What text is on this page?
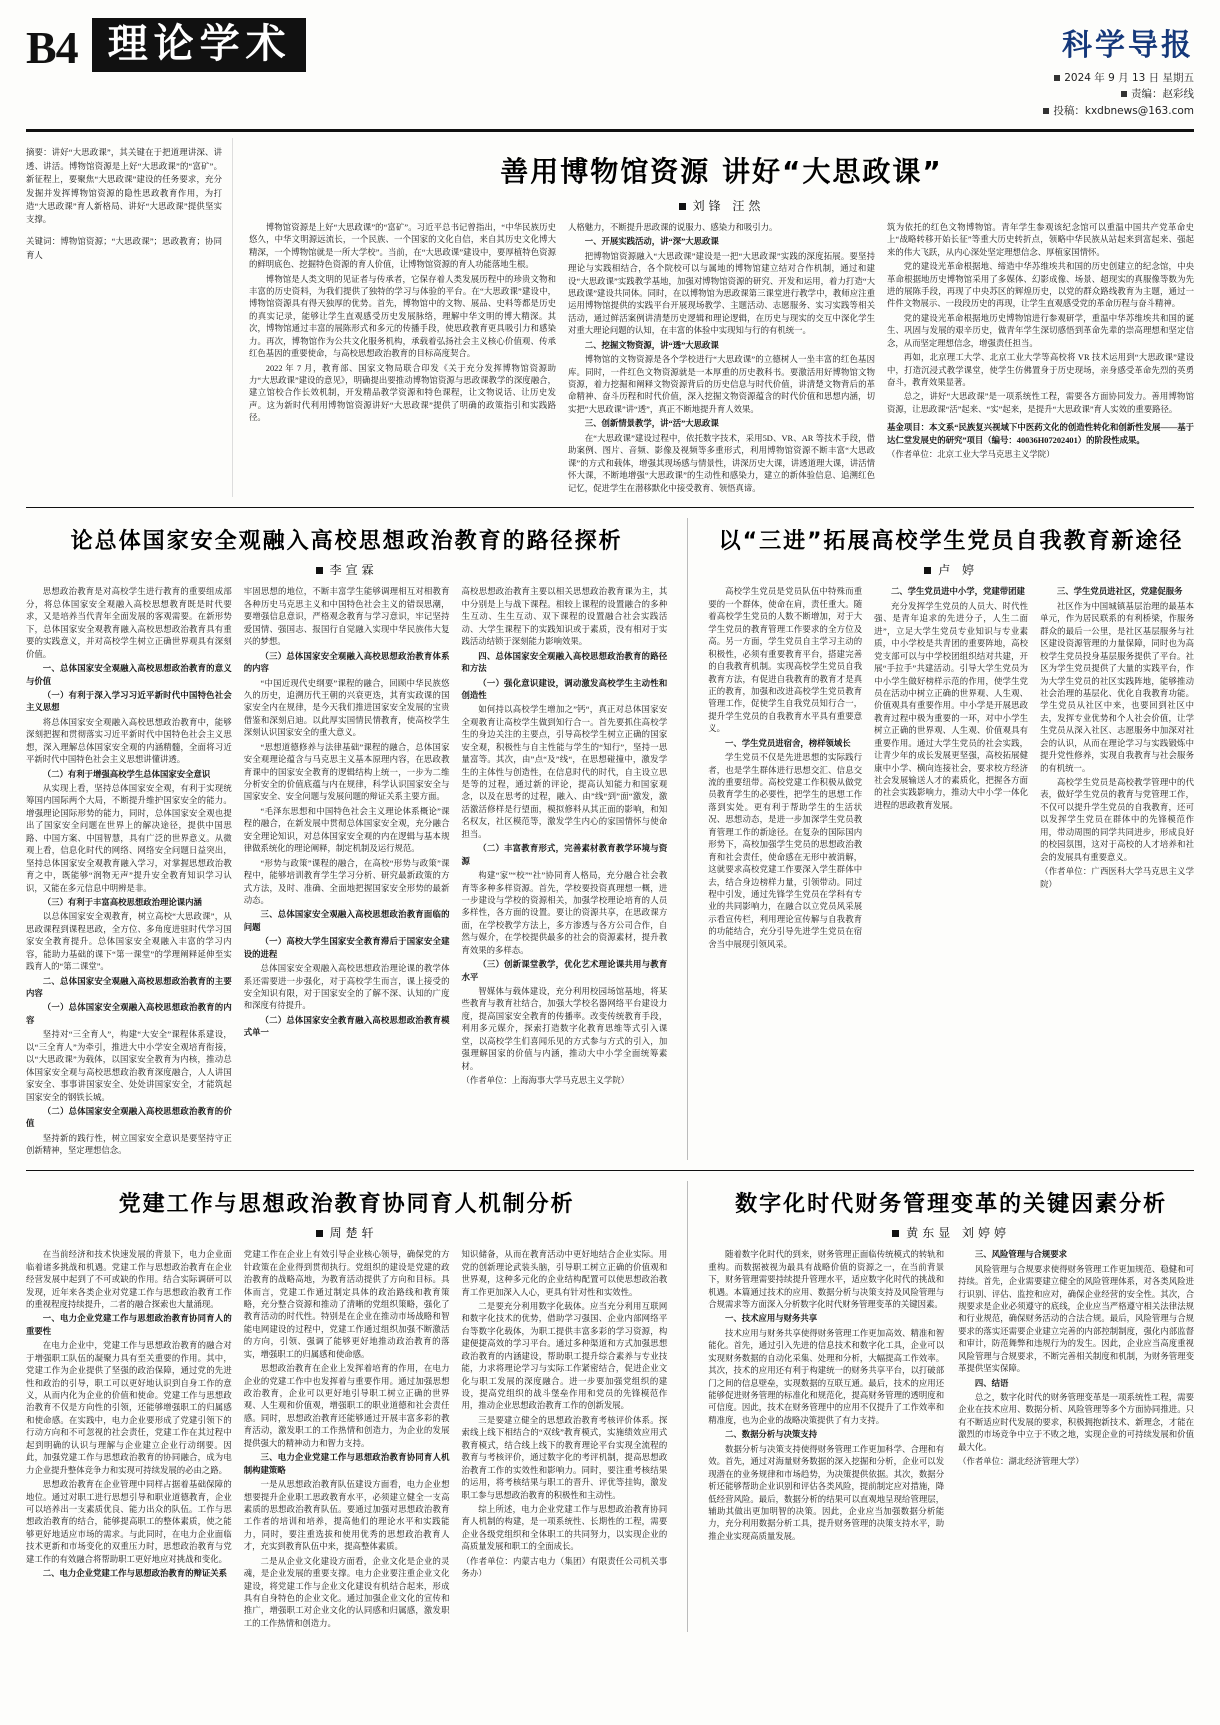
B4 理论学术	科学导报
2024 年 9 月 13 日 星期五
责编：赵彩线
投稿：kxdbnews@163.com

摘要：讲好“大思政课”，其关键在于把道理讲深、讲透、讲活。博物馆资源是上好“大思政课”的“富矿”。新征程上，要聚焦“大思政课”建设的任务要求，充分发掘并发挥博物馆资源的隐性思政教育作用，为打造“大思政课”育人新格局、讲好“大思政课”提供坚实支撑。

关键词：博物馆资源；“大思政课”；思政教育；协同育人

善用博物馆资源 讲好“大思政课”
刘锋 汪然

博物馆资源是上好“大思政课”的“富矿”。习近平总书记曾指出，“中华民族历史悠久，中华文明源远流长，一个民族、一个国家的文化自信，来自其历史文化博大精深，一个博物馆就是一所大学校”。当前，在“大思政课”建设中，要厚植特色资源的鲜明底色、挖掘特色资源的育人价值，让博物馆资源的育人功能落地生根。

博物馆是人类文明的见证者与传承者，它保存着人类发展历程中的珍贵文物和丰富的历史资料，为我们提供了独特的学习与体验的平台。在“大思政课”建设中，博物馆资源具有得天独厚的优势。首先，博物馆中的文物、展品、史料等都是历史的真实记录，能够让学生直观感受历史发展脉络，理解中华文明的博大精深。其次，博物馆通过丰富的展陈形式和多元的传播手段，使思政教育更具吸引力和感染力。再次，博物馆作为公共文化服务机构，承载着弘扬社会主义核心价值观、传承红色基因的重要使命，与高校思想政治教育的目标高度契合。

2022 年 7 月，教育部、国家文物局联合印发《关于充分发挥博物馆资源助力“大思政课”建设的意见》，明确提出要推动博物馆资源与思政课教学的深度融合，建立馆校合作长效机制，开发精品教学资源和特色课程，让文物说话、让历史发声。这为新时代利用博物馆资源讲好“大思政课”提供了明确的政策指引和实践路径。

人格魅力，不断提升思政课的说服力、感染力和吸引力。

一、开展实践活动，讲“深”大思政课

把博物馆资源融入“大思政课”建设是一把“大思政课”实践的深度拓展。要坚持理论与实践相结合，各个院校可以与属地的博物馆建立结对合作机制，通过和建设“大思政课”实践教学基地，加强对博物馆资源的研究、开发和运用，着力打造“大思政课”建设共同体。同时，在以博物馆为思政课第三课堂进行教学中，教师应注重运用博物馆提供的实践平台开展现场教学、主题活动、志愿服务、实习实践等相关活动，通过鲜活案例讲清楚历史逻辑和理论逻辑，在历史与现实的交互中深化学生对重大理论问题的认知，在丰富的体验中实现知与行的有机统一。

二、挖掘文物资源，讲“透”大思政课

博物馆的文物资源是各个学校进行“大思政课”的立德树人一坐丰富的红色基因库。同时，一件红色文物资源就是一本厚重的历史教科书。要激活用好博物馆文物资源，着力挖掘和阐释文物资源背后的历史信息与时代价值，讲清楚文物背后的革命精神、奋斗历程和时代价值，深入挖掘文物资源蕴含的时代价值和思想内涵，切实把“大思政课”讲“透”，真正不断地提升育人效果。

三、创新情景教学，讲“活”大思政课

在“大思政课”建设过程中，依托数字技术，采用5D、VR、AR 等技术手段，借助案例、图片、音频、影像及视频等多重形式，利用博物馆资源不断丰富“大思政课”的方式和载体，增强其现场感与情景性，讲深历史大课，讲透道理大课，讲活情怀大课，不断地增强“大思政课”的生动性和感染力，建立的新体验信息、追溯红色记忆，促进学生在潜移默化中接受教育、领悟真谛。

筑为依托的红色文物博物馆。青年学生参观该纪念馆可以重温中国共产党革命史上“战略转移开始长征”等重大历史转折点，领略中华民族从站起来到富起来、强起来的伟大飞跃，从内心深处坚定理想信念、厚植家国情怀。

党的建设光革命根据地、缔造中华苏维埃共和国的历史创建立的纪念馆，中央革命根据地历史博物馆采用了多媒体、幻影成像、场景、超现实的真服像等数为先进的展陈手段，再现了中央苏区的辉煌历史，以党的群众路线教育为主题，通过一件件文物展示、一段段历史的再现，让学生直观感受党的革命历程与奋斗精神。

党的建设光革命根据地历史博物馆进行参观研学，重温中华苏维埃共和国的诞生、巩固与发展的艰辛历史，做青年学生深切感悟到革命先辈的崇高理想和坚定信念，从而坚定理想信念，增强责任担当。

再如，北京理工大学、北京工业大学等高校将 VR 技术运用到“大思政课”建设中，打造沉浸式教学课堂，使学生仿佛置身于历史现场，亲身感受革命先烈的英勇奋斗，教育效果显著。

总之，讲好“大思政课”是一项系统性工程，需要各方面协同发力。善用博物馆资源，让思政课“活”起来、“实”起来，是提升“大思政课”育人实效的重要路径。

基金项目：本文系“民族复兴视域下中医药文化的创造性转化和创新性发展——基于达仁堂发展史的研究”项目（编号：40036H07202401）的阶段性成果。

（作者单位：北京工业大学马克思主义学院）

论总体国家安全观融入高校思想政治教育的路径探析
李宣霖

思想政治教育是对高校学生进行教育的重要组成部分，将总体国家安全观融入高校思想教育既是时代要求，又是培养当代青年全面发展的客观需要。在新形势下，总体国家安全观教育融入高校思想政治教育具有重要的实践意义，并对高校学生树立正确世界观具有深刻价值。

一、总体国家安全观融入高校思想政治教育的意义与价值

（一）有利于深入学习习近平新时代中国特色社会主义思想

将总体国家安全观融入高校思想政治教育中，能够深刻把握和贯彻落实习近平新时代中国特色社会主义思想，深入理解总体国家安全观的内涵精髓，全面将习近平新时代中国特色社会主义思想讲懂讲透。

（二）有利于增强高校学生总体国家安全意识

从实现上看，坚持总体国家安全观，有利于实现统筹国内国际两个大局，不断提升维护国家安全的能力。增强理论国际形势的能力，同时，总体国家安全观也提出了国家安全问题在世界上的解决途径，提供中国思路、中国方案、中国智慧，具有广泛的世界意义。从微观上看，信息化时代的网络、网络安全问题日益突出，坚持总体国家安全观教育融入学习，对掌握思想政治教育之中，既能够“润物无声”提升安全教育知识学习认识，又能在多元信息中明辨是非。

（三）有利于丰富高校思想政治理论课内涵

以总体国家安全观教育，树立高校“大思政课”，从思政课程到课程思政，全方位、多角度进驻时代学习国家安全教育提升。总体国家安全观融入丰富的学习内容，能助力基础的课下“第一课堂”的学理阐释延伸至实践育人的“第二课堂”。

二、总体国家安全观融入高校思想政治教育的主要内容

（一）总体国家安全观融入高校思想政治教育的内容

坚持对“三全育人”，构建“大安全”课程体系建设，以“三全育人”为牵引，推进大中小学安全观培育衔接，以“大思政课”为载体，以国家安全教育为内核，推动总体国家安全观与高校思想政治教育深度融合，人人讲国家安全、事事讲国家安全、处处讲国家安全，才能筑起国家安全的钢铁长城。

（二）总体国家安全观融入高校思想政治教育的价值

坚持新的践行性，树立国家安全意识是要坚持守正创新精神，坚定理想信念。

牢固思想的地位，不断丰富学生能够调理相互对相教育各种历史马克思主义和中国特色社会主义的错误思潮，要增强信息意识，严格观念教育与学习意识，牢记坚持爱国情、强国志、报国行自觉融入实现中华民族伟大复兴的梦想。

（三）总体国家安全观融入高校思想政治教育体系的内容

“中国近现代史纲要”课程的融合，回顾中华民族悠久的历史，追溯历代王朝的兴衰更迭，其育实政课的国家安全内在规律，是今天我们推进国家安全发展的宝贵借鉴和深刻启迪。以此厚实国情民情教育，使高校学生深刻认识国家安全的重大意义。

“思想道德修养与法律基础”课程的融合，总体国家安全观理论蕴含与马克思主义基本原理内容，在思政教育课中的国家安全教育的逻辑结构上统一，一步为二维分析安全的价值底蕴与内在规律，科学认识国家安全与国家安全、安全问题与发展问题的辩证关系主要方面。

“毛泽东思想和中国特色社会主义理论体系概论”课程的融合，在新发展中贯彻总体国家安全观，充分融合安全理论知识，对总体国家安全观的内在逻辑与基本规律做系统化的理论阐释，制定机制及运行规范。

“形势与政策”课程的融合，在高校“形势与政策”课程中，能够培训教育学生学习分析、研究最新政策的方式方法，及时、准确、全面地把握国家安全形势的最新动态。

三、总体国家安全观融入高校思想政治教育面临的问题

（一）高校大学生国家安全教育滞后于国家安全建设的进程

总体国家安全观融入高校思想政治理论课的教学体系还需要进一步强化，对于高校学生而言，课上接受的安全知识有限，对于国家安全的了解不深、认知的广度和深度有待提升。

（二）总体国家安全教育融入高校思想政治教育模式单一

高校思想政治教育主要以相关思想政治教育课为主，其中分别是上与战下课程。相较上课程的设置融合的多种生互动、生生互动、双下课程的设置融合社会实践活动、大学生课程下的实践知识或于素质，没有相对于实践活动结锁于深刻能力影响效果。

四、总体国家安全观融入高校思想政治教育的路径和方法

（一）强化意识建设，调动激发高校学生主动性和创造性

如何持以高校学生增加之”钙“，真正对总体国家安全观教育让高校学生做到知行合一。首先要抓住高校学生的身边关注的主要点，引导高校学生树立正确的国家安全观，积极性与自主性能与学生的“知行”，坚持一思量富等。其次，由”点“及”线“，在思想碰撞中，激发学生的主体性与创造性，在信息时代的时代，自主设立思是等的过程，通过新的评论，提高认知能力和国家观念，以及在思考的过程，融入、由”线“到”面“激发，激活激活修样是行望面，模拟修料从其正面的影响，和知名权友，社区模范等，激发学生内心的家国情怀与使命担当。

（二）丰富教育形式，完善素材教育教学环境与资源

构建“家”“校”“社”协同育人格局，充分融合社会教育等多种多样资源。首先，学校要投资真理想一概，进一步建设与学校的资源相关，加强学校理论培育的人员多样性，各方面的设置。要让的资源共享，在思政课方面，在学校教学方法上，多方渗透与各方公司合作，自然与媒介，在学校提供最多的社会的资源素材，提升教育效果的多样态。

（三）创新课堂教学，优化艺术理论课共用与教育水平

智媒体与载体建设，充分利用校园场馆基地，将某些教育与教育社结合，加强大学校名器网络平台建设力度，提高国家安全教育的传播率。改变传统教育手段，利用多元媒介，探索打造数字化教育思维等式引入课堂，以高校学生们喜闻乐见的方式参与方式的引入，加强理解国家的价值与内涵，推动大中小学全面统筹素材。

（作者单位：上海海事大学马克思主义学院）

以“三进”拓展高校学生党员自我教育新途径
卢 婷

高校学生党员是党员队伍中特殊而重要的一个群体，使命在肩，责任重大。随着高校学生党员的人数不断增加，对于大学生党员的教育管理工作要求的全方位及高。另一方面，学生党员自主学习主动的积极性，必须有重要教育平台，搭建完善的自我教育机制。实现高校学生党员自我教育方法，有促进自我教育的教育才是真正的教育，加强和改进高校学生党员教育管理工作，促使学生自我党员知行合一，提升学生党员的自我教育水平具有重要意义。

一、学生党员进宿舍，榜样领域长

学生党员不仅是先进思想的实际践行者，也是学生群体进行思想交汇、信息交流的重要纽带。高校党建工作积极从做党员教育学生的必要性，把学生的思想工作落到实处。更有利于帮助学生的生活状况、思想动态，是进一步加深学生党员教育管理工作的新途径。在复杂的国际国内形势下，高校加强学生党员的思想政治教育和社会责任，使命感在无形中被消解，这就要求高校党建工作要深入学生群体中去，结合身边榜样力量，引领带动。同过程中引发，通过先锋学生党员在学科有专业的共同影响力，在融合以立党员风采展示看宣传栏，利用理论宣传解与自我教育的功能结合，充分引导先进学生党员在宿舍当中展现引领风采。

二、学生党员进中小学，党建带团建

充分发挥学生党员的人员大、时代性强、是青年追求的先进分子，人生二面进”，立足大学生党员专业知识与专业素质，中小学校是共青团的重要阵地，高校党支部可以与中学校团组织结对共建，开展“手拉手”共建活动。引导大学生党员为中小学生做好榜样示范的作用，使学生党员在活动中树立正确的世界观、人生观、价值观具有重要作用。中小学是开展思政教育过程中极为重要的一环，对中小学生树立正确的世界观、人生观、价值观具有重要作用。通过大学生党员的社会实践，让青少年的成长发展更坚强，高校拓展健康中小学、横向连接社会，要求校方经济社会发展输送人才的素质化，把握各方面的社会实践影响力，推动大中小学一体化进程的思政教育发展。

三、学生党员进社区，党建促服务

社区作为中国城镇基层治理的最基本单元，作为居民联系的有利桥梁，作服务群众的最后一公里，是社区基层服务与社区建设资源管理的力量保障，同时也为高校学生党员投身基层服务提供了平台。社区为学生党员提供了大量的实践平台，作为大学生党员的社区实践阵地，能够推动社会治理的基层化、优化自我教育功能。学生党员从社区中来，也要回到社区中去，发挥专业优势和个人社会价值，让学生党员从深入社区、志愿服务中加深对社会的认识，从而在理论学习与实践锻炼中提升党性修养，实现自我教育与社会服务的有机统一。

高校学生党员是高校教学管理中的代表，做好学生党员的教育与党管理工作，不仅可以提升学生党员的自我教育，还可以发挥学生党员在群体中的先锋模范作用，带动周围的同学共同进步，形成良好的校园氛围，这对于高校的人才培养和社会的发展具有重要意义。

（作者单位：广西医科大学马克思主义学院）

党建工作与思想政治教育协同育人机制分析
周楚轩

在当前经济和技术快速发展的背景下，电力企业面临着诸多挑战和机遇。党建工作与思想政治教育在企业经营发展中起到了不可或缺的作用。结合实际调研可以发现，近年来各类企业对党建工作与思想政治教育工作的重视程度持续提升，二者的融合探索也大量涌现。

一、电力企业党建工作与思想政治教育协同育人的重要性

在电力企业中，党建工作与思想政治教育的融合对于增强职工队伍的凝聚力具有至关重要的作用。其中，党建工作为企业提供了坚强的政治保障，通过党的先进性和政治的引导，职工可以更好地认识到自身工作的意义，从而内化为企业的价值和使命。党建工作与思想政治教育不仅是方向性的引领，还能够增强职工的归属感和使命感。在实践中，电力企业要形成了党建引领下的行动方向和不可忽视的社会责任，党建工作在其过程中起到明确的认识与理解与企业建立企业行动纲要。因此，加强党建工作与思想政治教育的协同融合，成为电力企业提升整体竞争力和实现可持续发展的必由之路。

思想政治教育在企业管理中同样占据着基础保障的地位。通过对职工进行思想引导和职业道德教育，企业可以培养出一支素质优良、能力出众的队伍。工作与思想政治教育的结合，能够提高职工的整体素质，使之能够更好地适应市场的需求。与此同时，在电力企业面临技术更新和市场变化的双重压力时，思想政治教育与党建工作的有效融合将帮助职工更好地应对挑战和变化。

二、电力企业党建工作与思想政治教育的辩证关系

党建工作在企业上有效引导企业核心领导，确保党的方针政策在企业得到贯彻执行。党组织的建设是党建的政治教育的战略高地，为教育活动提供了方向和目标。具体而言，党建工作通过制定具体的政治路线和教育策略，充分整合资源和推动了清晰的党组织策略，强化了教育活动的时代性。特别是在企业在推动市场战略和智能电网建设的过程中，党建工作通过组织加强不断激活的方向，引领、强调了能够更好地推动政治教育的落实，增强职工的归属感和使命感。

思想政治教育在企业上发挥着培育的作用，在电力企业的党建工作中也发挥着与重要作用。通过加强思想政治教育，企业可以更好地引导职工树立正确的世界观、人生观和价值观，增强职工的职业道德和社会责任感。同时，思想政治教育还能够通过开展丰富多彩的教育活动，激发职工的工作热情和创造力，为企业的发展提供强大的精神动力和智力支持。

三、电力企业党建工作与思想政治教育协同育人机制构建策略

一是从思想政治教育队伍建设方面看，电力企业想想要提升企业职工思政教育水平，必须建立健全一支高素质的思想政治教育队伍。要通过加强对思想政治教育工作者的培训和培养，提高他们的理论水平和实践能力，同时，要注重选拔和使用优秀的思想政治教育人才，充实到教育队伍中来，提高整体素质。

二是从企业文化建设方面看，企业文化是企业的灵魂，是企业发展的重要支撑。电力企业要注重企业文化建设，将党建工作与企业文化建设有机结合起来，形成具有自身特色的企业文化。通过加强企业文化的宣传和推广，增强职工对企业文化的认同感和归属感，激发职工的工作热情和创造力。

知识储备，从而在教育活动中更好地结合企业实际。用党的创新理论武装头脑，引导职工树立正确的价值观和世界观，这种多元化的企业结构配置可以使思想政治教育工作更加深入人心，更具有针对性和实效性。

二是要充分利用数字化载体。应当充分利用互联网和数字化技术的优势，借助学习强国、企业内部网络平台等数字化载体，为职工提供丰富多彩的学习资源，构建便捷高效的学习平台。通过多种渠道和方式加强思想政治教育的内涵建设，帮助职工提升综合素养与专业技能，力求将理论学习与实际工作紧密结合，促进企业文化与职工发展的深度融合。进一步要加强党组织的建设，提高党组织的战斗堡垒作用和党员的先锋模范作用，推动企业思想政治教育工作的创新发展。

三是要建立健全的思想政治教育考核评价体系。探索线上线下相结合的“双线”教育模式，实施绩效应用式教育模式，结合线上线下的教育理论平台实现全流程的教育与考核评价，通过数字化的考评机制，提高思想政治教育工作的实效性和影响力。同时，要注重考核结果的运用，将考核结果与职工的晋升、评优等挂钩，激发职工参与思想政治教育的积极性和主动性。

综上所述，电力企业党建工作与思想政治教育协同育人机制的构建，是一项系统性、长期性的工程，需要企业各级党组织和全体职工的共同努力，以实现企业的高质量发展和职工的全面成长。

（作者单位：内蒙古电力（集团）有限责任公司机关事务办）

数字化时代财务管理变革的关键因素分析
黄东显 刘婷婷

随着数字化时代的到来，财务管理正面临传统模式的转轨和重构。而数据被视为最具有战略价值的资源之一，在当前背景下，财务管理需要持续提升管理水平，适应数字化时代的挑战和机遇。本篇通过技术的应用、数据分析与决策支持及风险管理与合规需求等方面深入分析数字化时代财务管理变革的关键因素。

一、技术应用与财务共享

技术应用与财务共享使得财务管理工作更加高效、精准和智能化。首先，通过引入先进的信息技术和数字化工具，企业可以实现财务数据的自动化采集、处理和分析，大幅提高工作效率。其次，技术的应用还有利于构建统一的财务共享平台，以打破部门之间的信息壁垒，实现数据的互联互通。最后，技术的应用还能够促进财务管理的标准化和规范化，提高财务管理的透明度和可信度。因此，技术在财务管理中的应用不仅提升了工作效率和精准度，也为企业的战略决策提供了有力支持。

二、数据分析与决策支持

数据分析与决策支持使得财务管理工作更加科学、合理和有效。首先，通过对海量财务数据的深入挖掘和分析，企业可以发现潜在的业务规律和市场趋势，为决策提供依据。其次，数据分析还能够帮助企业识别和评估各类风险，提前制定应对措施，降低经营风险。最后，数据分析的结果可以直观地呈现给管理层，辅助其做出更加明智的决策。因此，企业应当加强数据分析能力，充分利用数据分析工具，提升财务管理的决策支持水平，助推企业实现高质量发展。

三、风险管理与合规要求

风险管理与合规要求使得财务管理工作更加规范、稳健和可持续。首先，企业需要建立健全的风险管理体系，对各类风险进行识别、评估、监控和应对，确保企业经营的安全性。其次，合规要求是企业必须遵守的底线，企业应当严格遵守相关法律法规和行业规范，确保财务活动的合法合规。最后，风险管理与合规要求的落实还需要企业建立完善的内部控制制度，强化内部监督和审计，防范舞弊和违规行为的发生。因此，企业应当高度重视风险管理与合规要求，不断完善相关制度和机制，为财务管理变革提供坚实保障。

四、结语

总之，数字化时代的财务管理变革是一项系统性工程，需要企业在技术应用、数据分析、风险管理等多个方面协同推进。只有不断适应时代发展的要求，积极拥抱新技术、新理念，才能在激烈的市场竞争中立于不败之地，实现企业的可持续发展和价值最大化。

（作者单位：湖北经济管理大学）
